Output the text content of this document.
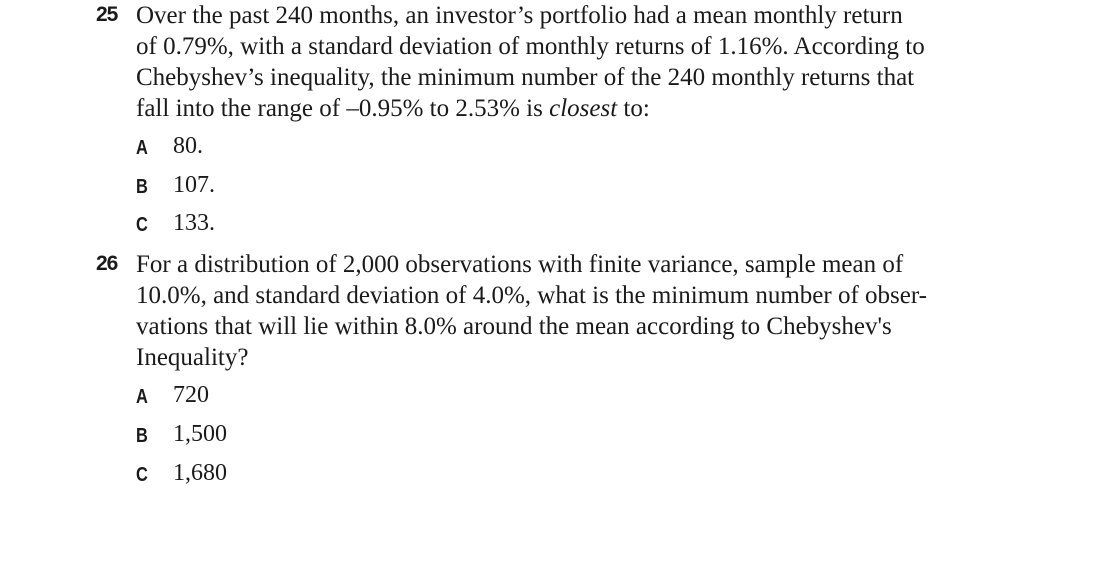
25 Over the past 240 months, an investor’s portfolio had a mean monthly return
of 0.79%, with a standard deviation of monthly returns of 1.16%. According to
Chebyshev’s inequality, the minimum number of the 240 monthly returns that
fall into the range of –0.95% to 2.53% is closest to:

A 80.
B 107.
C 133.
26 For a distribution of 2,000 observations with finite variance, sample mean of
10.0%, and standard deviation of 4.0%, what is the minimum number of obser-
vations that will lie within 8.0% around the mean according to Chebyshev's
Inequality?

A 720
B 1,500
C 1,680
